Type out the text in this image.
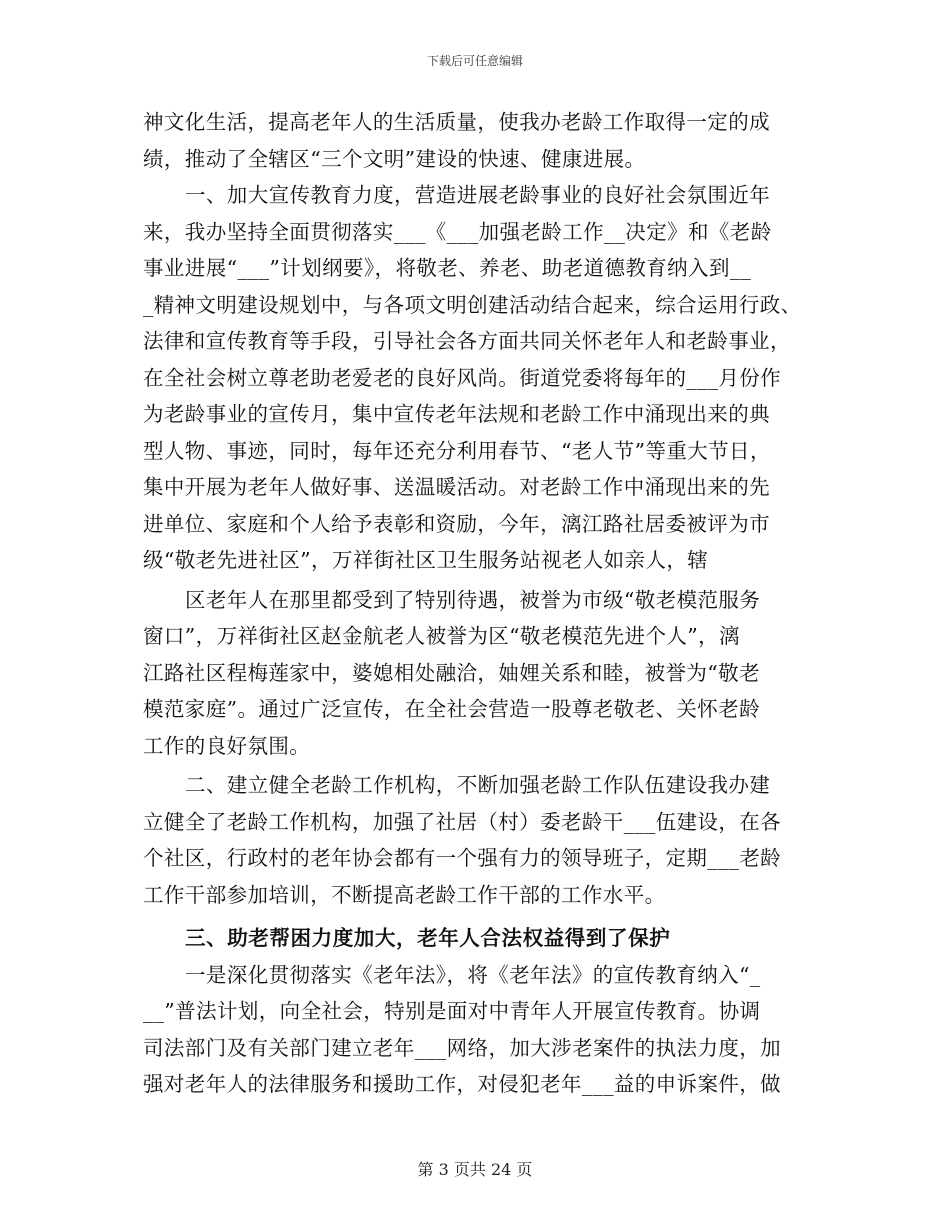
下载后可任意编辑
神文化生活，提高老年人的生活质量，使我办老龄工作取得一定的成
绩，推动了全辖区“三个文明”建设的快速、健康进展。
一、加大宣传教育力度，营造进展老龄事业的良好社会氛围近年
来，我办坚持全面贯彻落实___《___加强老龄工作__决定》和《老龄
事业进展“___”计划纲要》，将敬老、养老、助老道德教育纳入到__
_精神文明建设规划中，与各项文明创建活动结合起来，综合运用行政、
法律和宣传教育等手段，引导社会各方面共同关怀老年人和老龄事业，
在全社会树立尊老助老爱老的良好风尚。街道党委将每年的___月份作
为老龄事业的宣传月，集中宣传老年法规和老龄工作中涌现出来的典
型人物、事迹，同时，每年还充分利用春节、“老人节”等重大节日，
集中开展为老年人做好事、送温暖活动。对老龄工作中涌现出来的先
进单位、家庭和个人给予表彰和资励，今年，漓江路社居委被评为市
级“敬老先进社区”，万祥街社区卫生服务站视老人如亲人，辖
区老年人在那里都受到了特别待遇，被誉为市级“敬老模范服务
窗口”，万祥街社区赵金航老人被誉为区“敬老模范先进个人”，漓
江路社区程梅莲家中，婆媳相处融洽，妯娌关系和睦，被誉为“敬老
模范家庭”。通过广泛宣传，在全社会营造一股尊老敬老、关怀老龄
工作的良好氛围。
二、建立健全老龄工作机构，不断加强老龄工作队伍建设我办建
立健全了老龄工作机构，加强了社居（村）委老龄干___伍建设，在各
个社区，行政村的老年协会都有一个强有力的领导班子，定期___老龄
工作干部参加培训，不断提高老龄工作干部的工作水平。
三、助老帮困力度加大，老年人合法权益得到了保护
一是深化贯彻落实《老年法》，将《老年法》的宣传教育纳入“_
__”普法计划，向全社会，特别是面对中青年人开展宣传教育。协调
司法部门及有关部门建立老年___网络，加大涉老案件的执法力度，加
强对老年人的法律服务和援助工作，对侵犯老年___益的申诉案件，做
第 3 页共 24 页
